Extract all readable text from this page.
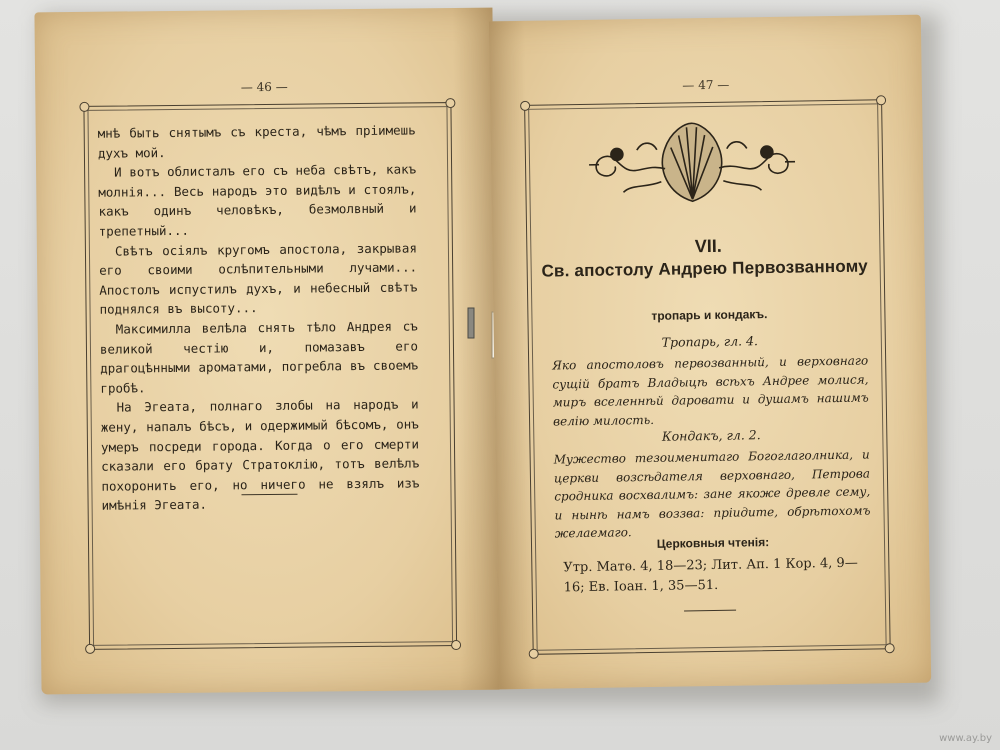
— 46 —

мнѣ быть снятымъ съ креста, чѣмъ пріимешь духъ мой.

И вотъ облисталъ его съ неба свѣтъ, какъ молнія... Весь народъ это видѣлъ и стоялъ, какъ одинъ человѣкъ, безмолвный и трепетный...

Свѣтъ осіялъ кругомъ апостола, закрывая его своими ослѣпительными лучами... Апостолъ испустилъ духъ, и небесный свѣтъ поднялся въ высоту...

Максимилла велѣла снять тѣло Андрея съ великой честію и, помазавъ его драгоцѣнными ароматами, погребла въ своемъ гробѣ.

На Эгеата, полнаго злобы на народъ и жену, напалъ бѣсъ, и одержимый бѣсомъ, онъ умеръ посреди города. Когда о его смерти сказали его брату Стратоклію, тотъ велѣлъ похоронить его, но ничего не взялъ изъ имѣнія Эгеата.

— 47 —
VII.
Св. апостолу Андрею Первозванному
тропарь и кондакъ.
Тропарь, гл. 4.
Яко апостоловъ первозванный, и верховнаго сущій братъ Владыцѣ всѣхъ Андрее молися, миръ вселеннѣй даровати и душамъ нашимъ велію милость.
Кондакъ, гл. 2.
Мужество тезоименитаго Богоглаголника, и церкви возсѣдателя верховнаго, Петрова сродника восхвалимъ: зане якоже древле сему, и нынѣ намъ воззва: пріидите, обрѣтохомъ желаемаго.
Церковныя чтенія:
Утр. Матѳ. 4, 18—23; Лит. Ап. 1 Кор. 4, 9—16; Ев. Іоан. 1, 35—51.
www.ay.by
